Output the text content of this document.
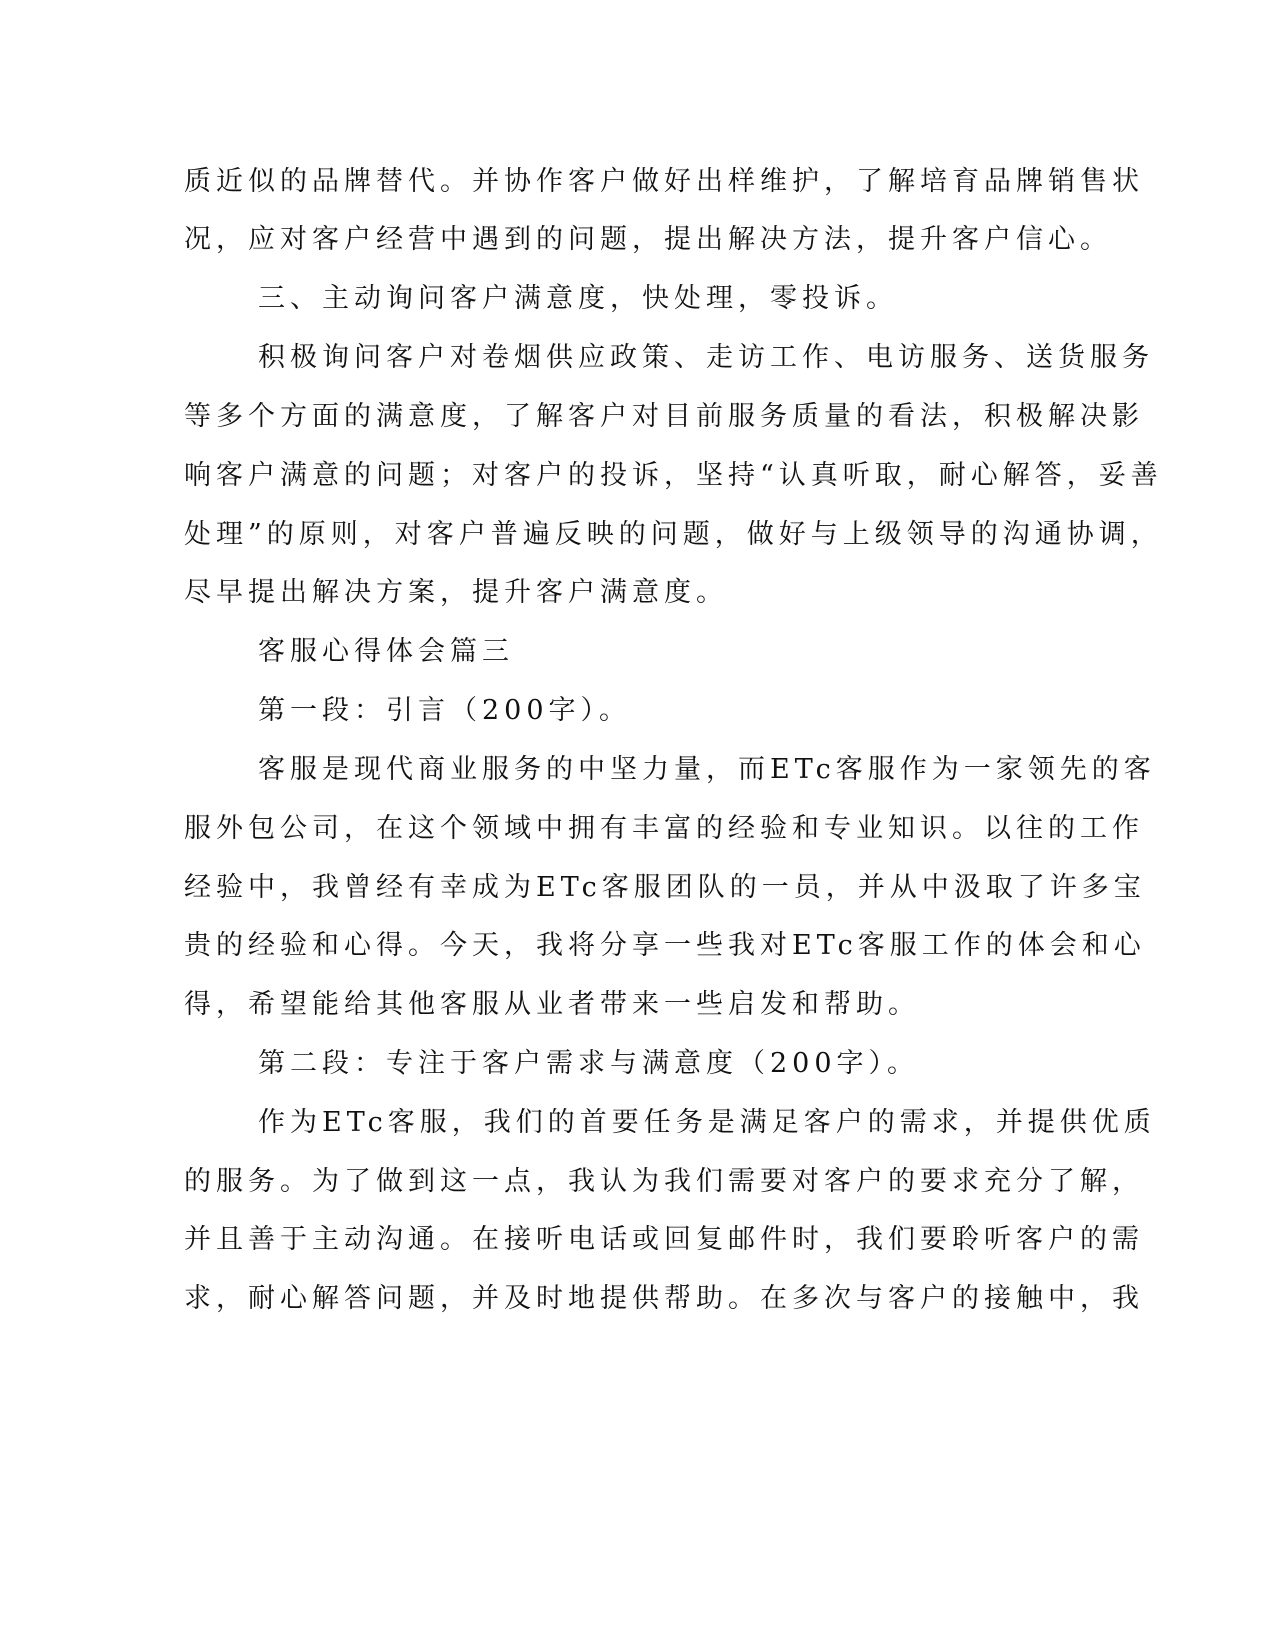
质近似的品牌替代。并协作客户做好出样维护，了解培育品牌销售状
况，应对客户经营中遇到的问题，提出解决方法，提升客户信心。
三、主动询问客户满意度，快处理，零投诉。
积极询问客户对卷烟供应政策、走访工作、电访服务、送货服务
等多个方面的满意度，了解客户对目前服务质量的看法，积极解决影
响客户满意的问题；对客户的投诉，坚持“认真听取，耐心解答，妥善
处理”的原则，对客户普遍反映的问题，做好与上级领导的沟通协调，
尽早提出解决方案，提升客户满意度。
客服心得体会篇三
第一段：引言（200字）。
客服是现代商业服务的中坚力量，而ETc客服作为一家领先的客
服外包公司，在这个领域中拥有丰富的经验和专业知识。以往的工作
经验中，我曾经有幸成为ETc客服团队的一员，并从中汲取了许多宝
贵的经验和心得。今天，我将分享一些我对ETc客服工作的体会和心
得，希望能给其他客服从业者带来一些启发和帮助。
第二段：专注于客户需求与满意度（200字）。
作为ETc客服，我们的首要任务是满足客户的需求，并提供优质
的服务。为了做到这一点，我认为我们需要对客户的要求充分了解，
并且善于主动沟通。在接听电话或回复邮件时，我们要聆听客户的需
求，耐心解答问题，并及时地提供帮助。在多次与客户的接触中，我
